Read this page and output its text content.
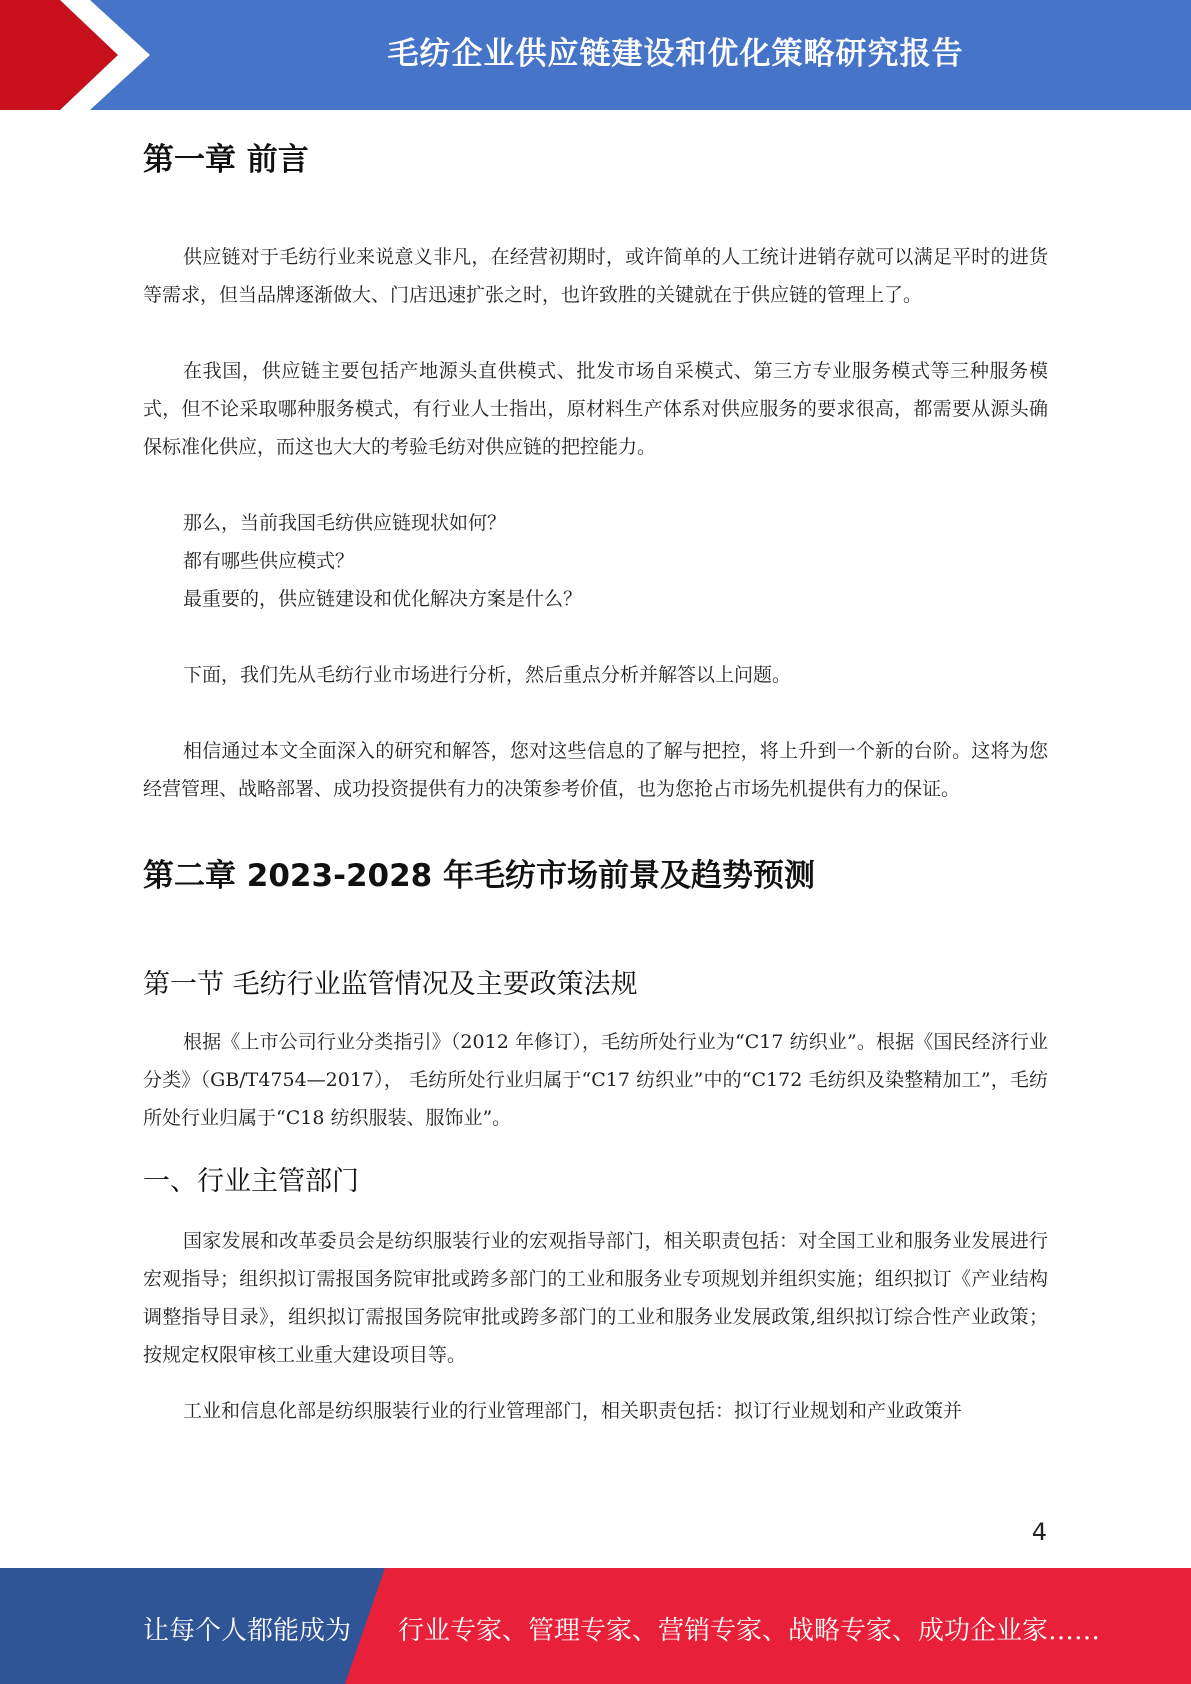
毛纺企业供应链建设和优化策略研究报告
第一章 前言

供应链对于毛纺行业来说意义非凡，在经营初期时，或许简单的人工统计进销存就可以满足平时的进货等需求，但当品牌逐渐做大、门店迅速扩张之时，也许致胜的关键就在于供应链的管理上了。

在我国，供应链主要包括产地源头直供模式、批发市场自采模式、第三方专业服务模式等三种服务模式，但不论采取哪种服务模式，有行业人士指出，原材料生产体系对供应服务的要求很高，都需要从源头确保标准化供应，而这也大大的考验毛纺对供应链的把控能力。

那么，当前我国毛纺供应链现状如何？

都有哪些供应模式？

最重要的，供应链建设和优化解决方案是什么？

下面，我们先从毛纺行业市场进行分析，然后重点分析并解答以上问题。

相信通过本文全面深入的研究和解答，您对这些信息的了解与把控，将上升到一个新的台阶。这将为您经营管理、战略部署、成功投资提供有力的决策参考价值，也为您抢占市场先机提供有力的保证。

第二章 2023-2028 年毛纺市场前景及趋势预测
第一节 毛纺行业监管情况及主要政策法规

根据《上市公司行业分类指引》（2012 年修订），毛纺所处行业为“C17 纺织业”。根据《国民经济行业分类》（GB/T4754—2017）， 毛纺所处行业归属于“C17 纺织业”中的“C172 毛纺织及染整精加工”，毛纺所处行业归属于“C18 纺织服装、服饰业”。

一、行业主管部门

国家发展和改革委员会是纺织服装行业的宏观指导部门，相关职责包括：对全国工业和服务业发展进行宏观指导；组织拟订需报国务院审批或跨多部门的工业和服务业专项规划并组织实施；组织拟订《产业结构调整指导目录》，组织拟订需报国务院审批或跨多部门的工业和服务业发展政策,组织拟订综合性产业政策；按规定权限审核工业重大建设项目等。

工业和信息化部是纺织服装行业的行业管理部门，相关职责包括：拟订行业规划和产业政策并

4
让每个人都能成为 行业专家、管理专家、营销专家、战略专家、成功企业家……
